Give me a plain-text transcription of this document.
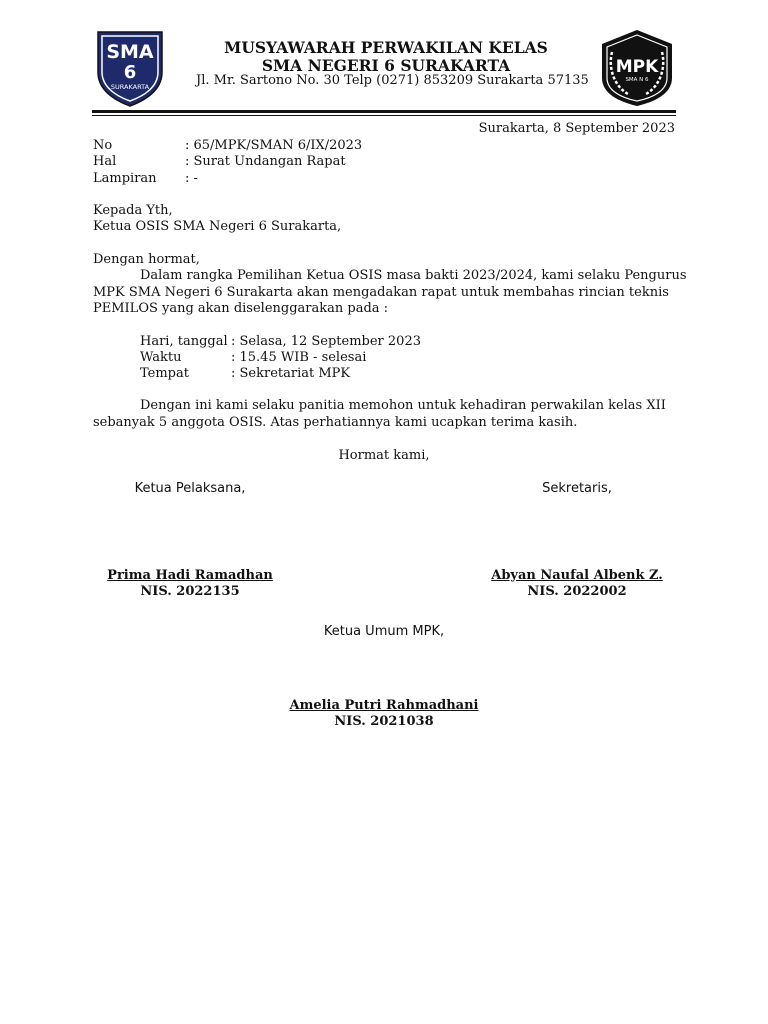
SMA
6
SURAKARTA
MUSYAWARAH PERWAKILAN KELAS
SMA NEGERI 6 SURAKARTA
Jl. Mr. Sartono No. 30 Telp (0271) 853209 Surakarta 57135
MPK
SMA N 6
Surakarta, 8 September 2023
No	: 65/MPK/SMAN 6/IX/2023
Hal	: Surat Undangan Rapat
Lampiran : -
Kepada Yth,
Ketua OSIS SMA Negeri 6 Surakarta,
Dengan hormat,
Dalam rangka Pemilihan Ketua OSIS masa bakti 2023/2024, kami selaku Pengurus
MPK SMA Negeri 6 Surakarta akan mengadakan rapat untuk membahas rincian teknis
PEMILOS yang akan diselenggarakan pada :
Hari, tanggal : Selasa, 12 September 2023
Waktu	: 15.45 WIB - selesai
Tempat	: Sekretariat MPK
Dengan ini kami selaku panitia memohon untuk kehadiran perwakilan kelas XII
sebanyak 5 anggota OSIS. Atas perhatiannya kami ucapkan terima kasih.
Hormat kami,
Ketua Pelaksana,	Sekretaris,
Prima Hadi Ramadhan
NIS. 2022135
Abyan Naufal Albenk Z.
NIS. 2022002
Ketua Umum MPK,
Amelia Putri Rahmadhani
NIS. 2021038
